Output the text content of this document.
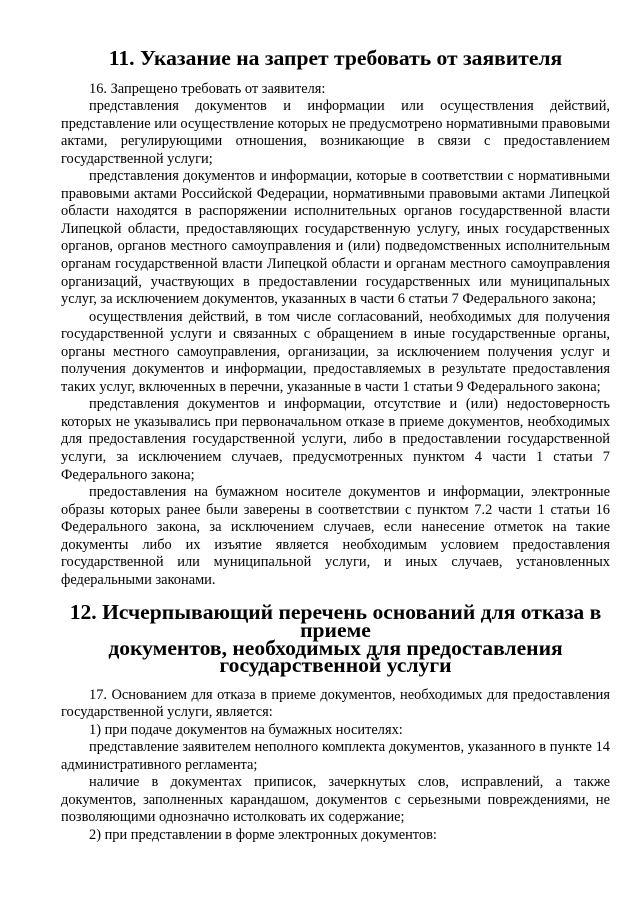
11. Указание на запрет требовать от заявителя

16. Запрещено требовать от заявителя:

представления документов и информации или осуществления действий, представление или осуществление которых не предусмотрено нормативными правовыми актами, регулирующими отношения, возникающие в связи с предоставлением государственной услуги;

представления документов и информации, которые в соответствии с нормативными правовыми актами Российской Федерации, нормативными правовыми актами Липецкой области находятся в распоряжении исполнительных органов государственной власти Липецкой области, предоставляющих государственную услугу, иных государственных органов, органов местного самоуправления и (или) подведомственных исполнительным органам государственной власти Липецкой области и органам местного самоуправления организаций, участвующих в предоставлении государственных или муниципальных услуг, за исключением документов, указанных в части 6 статьи 7 Федерального закона;

осуществления действий, в том числе согласований, необходимых для получения государственной услуги и связанных с обращением в иные государственные органы, органы местного самоуправления, организации, за исключением получения услуг и получения документов и информации, предоставляемых в результате предоставления таких услуг, включенных в перечни, указанные в части 1 статьи 9 Федерального закона;

представления документов и информации, отсутствие и (или) недостоверность которых не указывались при первоначальном отказе в приеме документов, необходимых для предоставления государственной услуги, либо в предоставлении государственной услуги, за исключением случаев, предусмотренных пунктом 4 части 1 статьи 7 Федерального закона;

предоставления на бумажном носителе документов и информации, электронные образы которых ранее были заверены в соответствии с пунктом 7.2 части 1 статьи 16 Федерального закона, за исключением случаев, если нанесение отметок на такие документы либо их изъятие является необходимым условием предоставления государственной или муниципальной услуги, и иных случаев, установленных федеральными законами.

12. Исчерпывающий перечень оснований для отказа в приеме
документов, необходимых для предоставления
государственной услуги

17. Основанием для отказа в приеме документов, необходимых для предоставления государственной услуги, является:

1) при подаче документов на бумажных носителях:

представление заявителем неполного комплекта документов, указанного в пункте 14 административного регламента;

наличие в документах приписок, зачеркнутых слов, исправлений, а также документов, заполненных карандашом, документов с серьезными повреждениями, не позволяющими однозначно истолковать их содержание;

2) при представлении в форме электронных документов:
